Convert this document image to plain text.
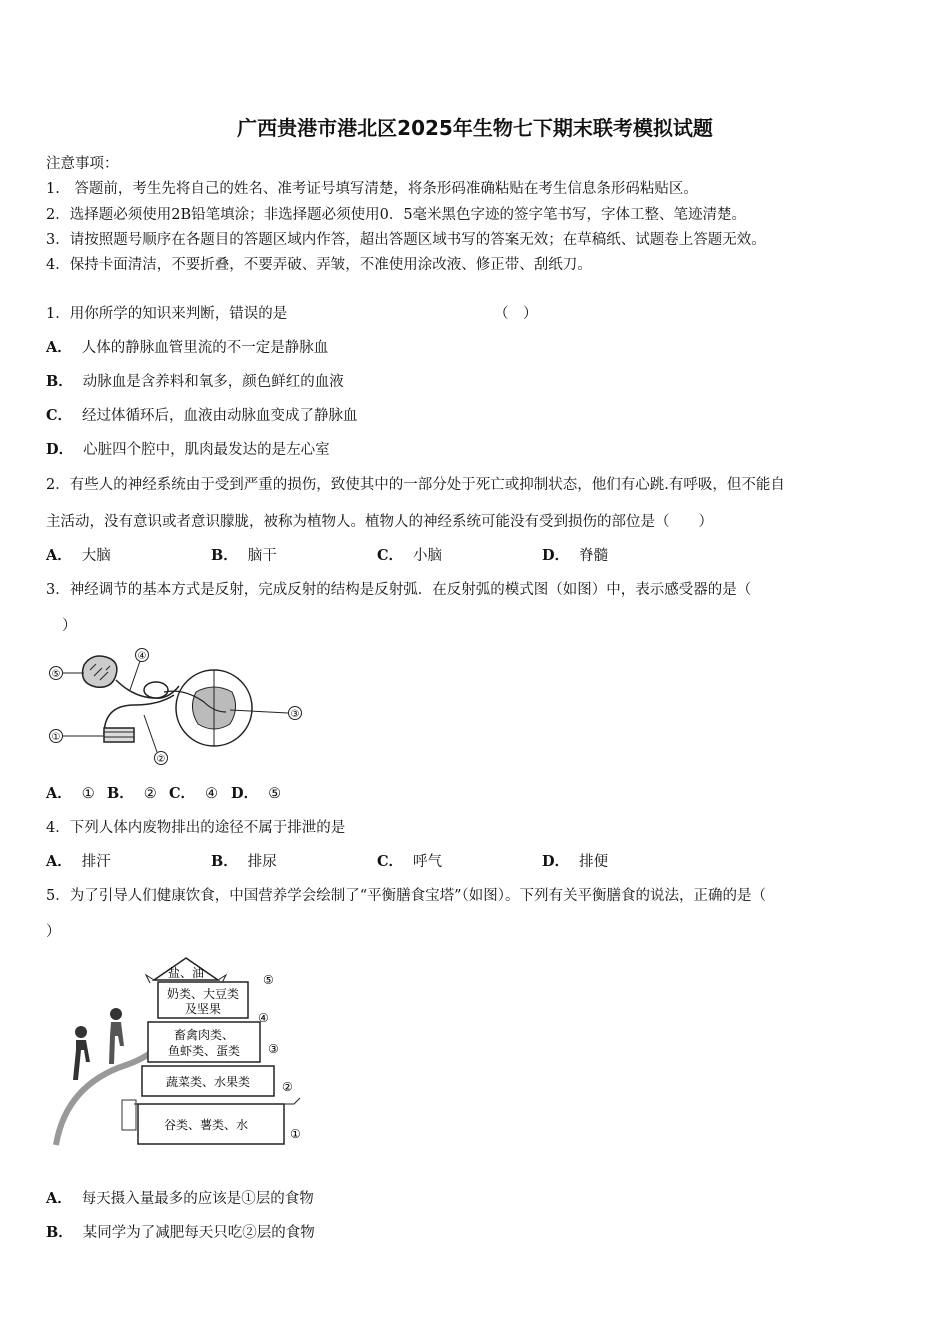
广西贵港市港北区2025年生物七下期末联考模拟试题
注意事项：
1.　答题前，考生先将自己的姓名、准考证号填写清楚，将条形码准确粘贴在考生信息条形码粘贴区。
2．选择题必须使用2B铅笔填涂；非选择题必须使用0．5毫米黑色字迹的签字笔书写，字体工整、笔迹清楚。
3．请按照题号顺序在各题目的答题区域内作答，超出答题区域书写的答案无效；在草稿纸、试题卷上答题无效。
4．保持卡面清洁，不要折叠，不要弄破、弄皱，不准使用涂改液、修正带、刮纸刀。
1．用你所学的知识来判断，错误的是	（　）
A． 人体的静脉血管里流的不一定是静脉血
B． 动脉血是含养料和氧多，颜色鲜红的血液
C． 经过体循环后，血液由动脉血变成了静脉血
D． 心脏四个腔中，肌肉最发达的是左心室
2．有些人的神经系统由于受到严重的损伤，致使其中的一部分处于死亡或抑制状态，他们有心跳.有呼吸，但不能自
主活动，没有意识或者意识朦胧，被称为植物人。植物人的神经系统可能没有受到损伤的部位是（　　）
A． 大脑	B． 脑干	C． 小脑	D． 脊髓
3．神经调节的基本方式是反射，完成反射的结构是反射弧．在反射弧的模式图（如图）中，表示感受器的是（
）
⑤
④
③
①
②
A． ① B． ② C． ④ D． ⑤
4．下列人体内废物排出的途径不属于排泄的是
A． 排汗	B． 排尿	C． 呼气	D． 排便
5．为了引导人们健康饮食，中国营养学会绘制了“平衡膳食宝塔”（如图）。下列有关平衡膳食的说法，正确的是（
）
盐、油
奶类、大豆类
及坚果
畜禽肉类、
鱼虾类、蛋类
蔬菜类、水果类
谷类、薯类、水
⑤
④
③
②
①
A． 每天摄入量最多的应该是①层的食物
B． 某同学为了减肥每天只吃②层的食物
